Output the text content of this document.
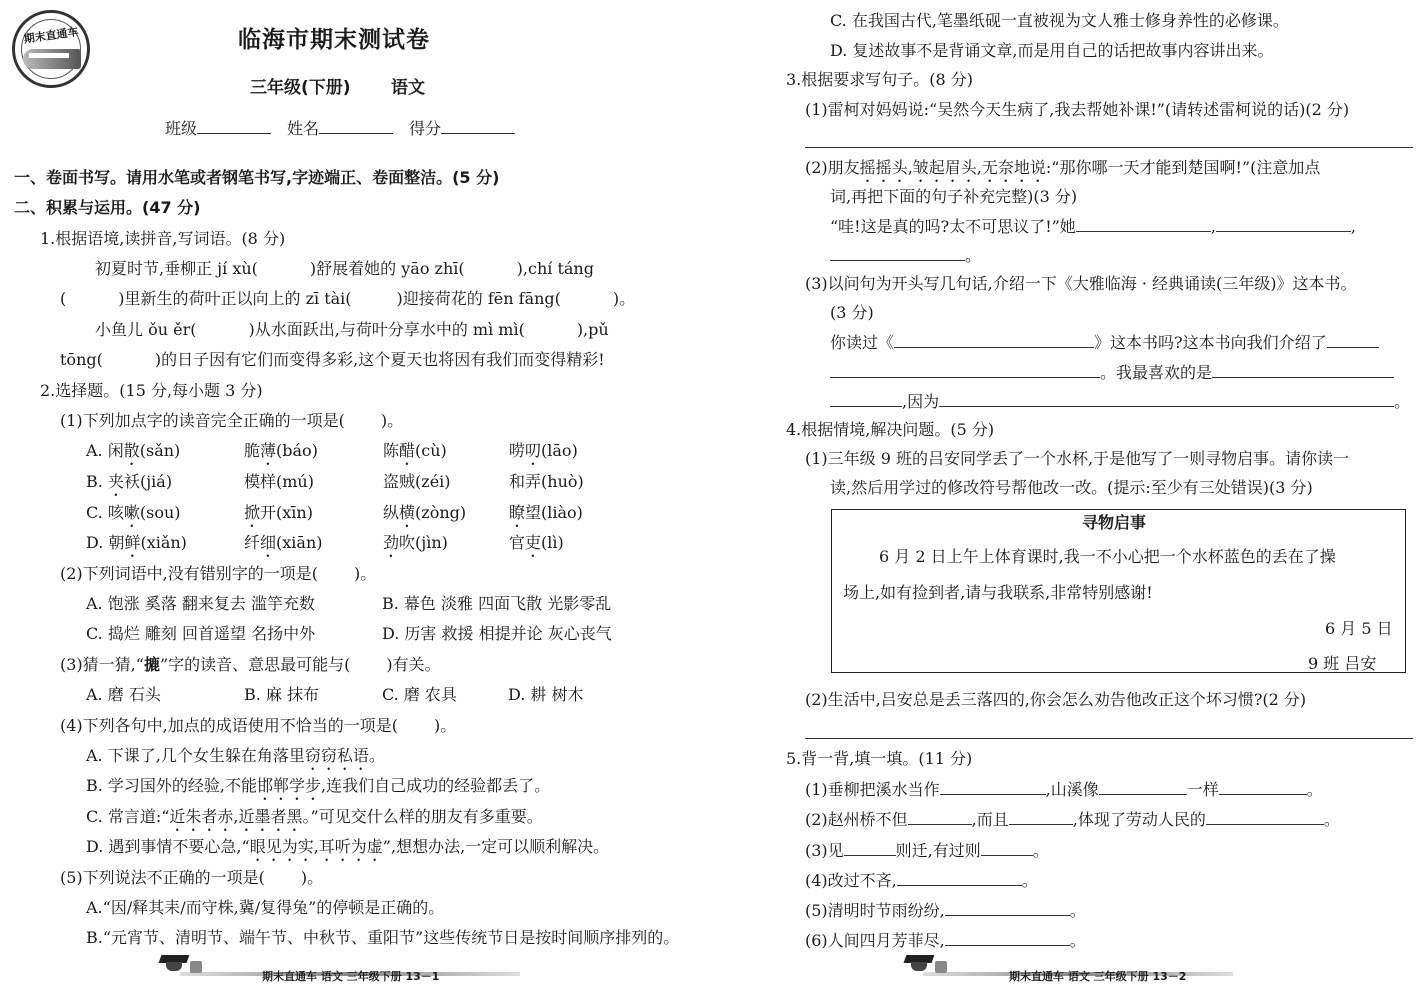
期末直通车	临海市期末测试卷
三年级(下册) 语文
班级	姓名	得分
一、卷面书写。请用水笔或者钢笔书写,字迹端正、卷面整洁。(5 分)
二、积累与运用。(47 分)
1.根据语境,读拼音,写词语。(8 分)
初夏时节,垂柳正 jí xù(	)舒展着她的 yāo zhī(	),chí táng
(	)里新生的荷叶正以向上的 zī tài(	)迎接荷花的 fēn fāng(	)。
小鱼儿 ǒu ěr(	)从水面跃出,与荷叶分享水中的 mì mì(	),pǔ
tōng(	)的日子因有它们而变得多彩,这个夏天也将因有我们而变得精彩!
2.选择题。(15 分,每小题 3 分)
(1)下列加点字的读音完全正确的一项是( )。
A. 闲散(sǎn)	脆薄(báo)	陈醋(cù)	唠叨(lāo)
B. 夹袄(jiá)	模样(mú)	盗贼(zéi)	和弄(huò)
C. 咳嗽(sou)	掀开(xīn)	纵横(zòng)	瞭望(liào)
D. 朝鲜(xiǎn)	纤细(xiān)	劲吹(jìn)	官吏(lì)
(2)下列词语中,没有错别字的一项是( )。
A. 饱涨 奚落 翻来复去 滥竽充数	B. 幕色 淡雅 四面飞散 光影零乱
C. 捣烂 雕刻 回首遥望 名扬中外	D. 历害 救援 相提并论 灰心丧气
(3)猜一猜,“摝”字的读音、意思最可能与( )有关。
A. 磨 石头	B. 麻 抹布	C. 磨 农具	D. 耕 树木
(4)下列各句中,加点的成语使用不恰当的一项是( )。
A. 下课了,几个女生躲在角落里窃窃私语。
B. 学习国外的经验,不能邯郸学步,连我们自己成功的经验都丢了。
C. 常言道:“近朱者赤,近墨者黑。”可见交什么样的朋友有多重要。
D. 遇到事情不要心急,“眼见为实,耳听为虚”,想想办法,一定可以顺利解决。
(5)下列说法不正确的一项是( )。
A.“因/释其耒/而守株,冀/复得兔”的停顿是正确的。
B.“元宵节、清明节、端午节、中秋节、重阳节”这些传统节日是按时间顺序排列的。
期末直通车 语文 三年级下册 13－1
C. 在我国古代,笔墨纸砚一直被视为文人雅士修身养性的必修课。
D. 复述故事不是背诵文章,而是用自己的话把故事内容讲出来。
3.根据要求写句子。(8 分)
(1)雷柯对妈妈说:“吴然今天生病了,我去帮她补课!”(请转述雷柯说的话)(2 分)
(2)朋友摇摇头,皱起眉头,无奈地说:“那你哪一天才能到楚国啊!”(注意加点
词,再把下面的句子补充完整)(3 分)
“哇!这是真的吗?太不可思议了!”她	,	,
。
(3)以问句为开头写几句话,介绍一下《大雅临海 · 经典诵读(三年级)》这本书。
(3 分)
你读过《	》这本书吗?这本书向我们介绍了
。我最喜欢的是
,因为	。
4.根据情境,解决问题。(5 分)
(1)三年级 9 班的吕安同学丢了一个水杯,于是他写了一则寻物启事。请你读一
读,然后用学过的修改符号帮他改一改。(提示:至少有三处错误)(3 分)
(2)生活中,吕安总是丢三落四的,你会怎么劝告他改正这个坏习惯?(2 分)
5.背一背,填一填。(11 分)
(1)垂柳把溪水当作	,山溪像	一样	。
(2)赵州桥不但	,而且	,体现了劳动人民的	。
(3)见	则迁,有过则	。
(4)改过不吝,	。
(5)清明时节雨纷纷,	。
(6)人间四月芳菲尽,	。
期末直通车 语文 三年级下册 13－2
寻物启事
6 月 2 日上午上体育课时,我一不小心把一个水杯蓝色的丢在了操
场上,如有捡到者,请与我联系,非常特别感谢!
6 月 5 日
9 班 吕安
